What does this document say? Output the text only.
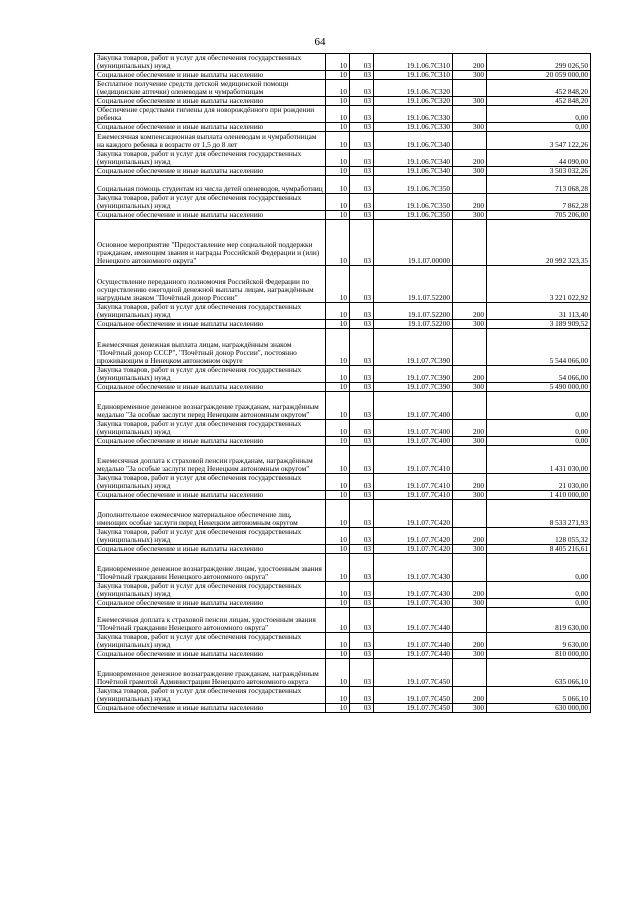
64
Закупка товаров, работ и услуг для обеспечения государственных (муниципальных) нужд	10	03	19.1.06.7С310	200	299 026,50
Социальное обеспечение и иные выплаты населению	10	03	19.1.06.7С310	300	20 059 000,00
Бесплатное получение средств детской медицинской помощи (медицинские аптечки) оленеводам и чумработницам	10	03	19.1.06.7С320		452 848,20
Социальное обеспечение и иные выплаты населению	10	03	19.1.06.7С320	300	452 848,20
Обеспечение средствами гигиены для новорождённого при рождении ребенка	10	03	19.1.06.7С330		0,00
Социальное обеспечение и иные выплаты населению	10	03	19.1.06.7С330	300	0,00
Ежемесячная компенсационная выплата оленеводам и чумработницам на каждого ребенка в возрасте от 1,5 до 8 лет	10	03	19.1.06.7С340		3 547 122,26
Закупка товаров, работ и услуг для обеспечения государственных (муниципальных) нужд	10	03	19.1.06.7С340	200	44 090,00
Социальное обеспечение и иные выплаты населению	10	03	19.1.06.7С340	300	3 503 032,26
Социальная помощь студентам из числа детей оленеводов, чумработниц	10	03	19.1.06.7С350		713 068,28
Закупка товаров, работ и услуг для обеспечения государственных (муниципальных) нужд	10	03	19.1.06.7С350	200	7 862,28
Социальное обеспечение и иные выплаты населению	10	03	19.1.06.7С350	300	705 206,00
Основное мероприятие "Предоставление мер социальной поддержки гражданам, имеющим звания и награды Российской Федерации и (или) Ненецкого автономного округа"	10	03	19.1.07.00000		20 992 323,35
Осуществление переданного полномочия Российской Федерации по осуществлению ежегодной денежной выплаты лицам, награждённым нагрудным знаком "Почётный донор России"	10	03	19.1.07.52200		3 221 022,92
Закупка товаров, работ и услуг для обеспечения государственных (муниципальных) нужд	10	03	19.1.07.52200	200	31 113,40
Социальное обеспечение и иные выплаты населению	10	03	19.1.07.52200	300	3 189 909,52
Ежемесячная денежная выплата лицам, награждённым знаком "Почётный донор СССР", "Почётный донор России", постоянно проживающим в Ненецком автономном округе	10	03	19.1.07.7С390		5 544 066,00
Закупка товаров, работ и услуг для обеспечения государственных (муниципальных) нужд	10	03	19.1.07.7С390	200	54 066,00
Социальное обеспечение и иные выплаты населению	10	03	19.1.07.7С390	300	5 490 000,00
Единовременное денежное вознаграждение гражданам, награждённым медалью "За особые заслуги перед Ненецким автономным округом"	10	03	19.1.07.7С400		0,00
Закупка товаров, работ и услуг для обеспечения государственных (муниципальных) нужд	10	03	19.1.07.7С400	200	0,00
Социальное обеспечение и иные выплаты населению	10	03	19.1.07.7С400	300	0,00
Ежемесячная доплата к страховой пенсии гражданам, награждённым медалью "За особые заслуги перед Ненецким автономным округом"	10	03	19.1.07.7С410		1 431 030,00
Закупка товаров, работ и услуг для обеспечения государственных (муниципальных) нужд	10	03	19.1.07.7С410	200	21 030,00
Социальное обеспечение и иные выплаты населению	10	03	19.1.07.7С410	300	1 410 000,00
Дополнительное ежемесячное материальное обеспечение лиц, имеющих особые заслуги перед Ненецким автономным округом	10	03	19.1.07.7С420		8 533 271,93
Закупка товаров, работ и услуг для обеспечения государственных (муниципальных) нужд	10	03	19.1.07.7С420	200	128 055,32
Социальное обеспечение и иные выплаты населению	10	03	19.1.07.7С420	300	8 405 216,61
Единовременное денежное вознаграждение лицам, удостоенным звания "Почётный гражданин Ненецкого автономного округа"	10	03	19.1.07.7С430		0,00
Закупка товаров, работ и услуг для обеспечения государственных (муниципальных) нужд	10	03	19.1.07.7С430	200	0,00
Социальное обеспечение и иные выплаты населению	10	03	19.1.07.7С430	300	0,00
Ежемесячная доплата к страховой пенсии лицам, удостоенным звания "Почётный гражданин Ненецкого автономного округа"	10	03	19.1.07.7С440		819 630,00
Закупка товаров, работ и услуг для обеспечения государственных (муниципальных) нужд	10	03	19.1.07.7С440	200	9 630,00
Социальное обеспечение и иные выплаты населению	10	03	19.1.07.7С440	300	810 000,00
Единовременное денежное вознаграждение гражданам, награждённым Почётной грамотой Администрации Ненецкого автономного округа	10	03	19.1.07.7С450		635 066,10
Закупка товаров, работ и услуг для обеспечения государственных (муниципальных) нужд	10	03	19.1.07.7С450	200	5 066,10
Социальное обеспечение и иные выплаты населению	10	03	19.1.07.7С450	300	630 000,00
